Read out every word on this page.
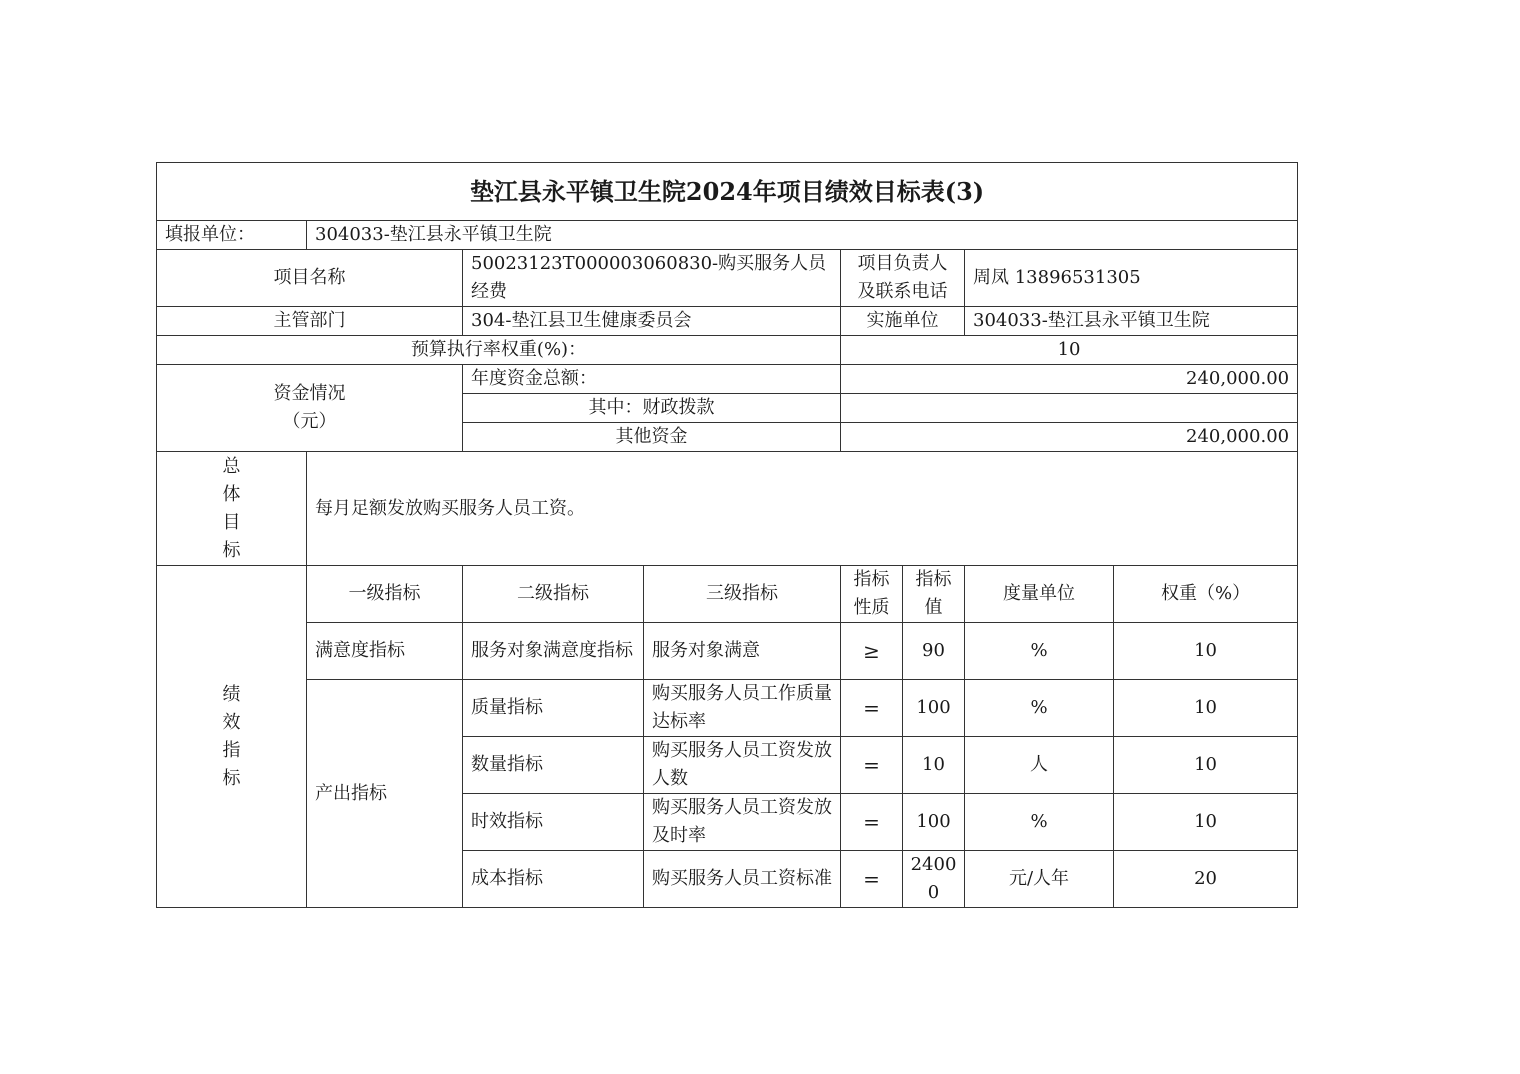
垫江县永平镇卫生院2024年项目绩效目标表(3)							
填报单位：	304033-垫江县永平镇卫生院						
项目名称		50023123T000003060830-购买服务人员经费		项目负责人及联系电话		周凤 13896531305	
主管部门		304-垫江县卫生健康委员会		实施单位		304033-垫江县永平镇卫生院	
预算执行率权重(%)：				10			

资金情况
（元）		年度资金总额：		240,000.00			
		其中：财政拨款					
		其他资金		240,000.00			

总
体
目
标	每月足额发放购买服务人员工资。						

绩
效
指
标	一级指标	二级指标	三级指标	指标性质	指标值	度量单位	权重（%）
	满意度指标	服务对象满意度指标	服务对象满意	≥	90	%	10
	产出指标	质量指标	购买服务人员工作质量达标率	=	100	%	10
		数量指标	购买服务人员工资发放人数	=	10	人	10
		时效指标	购买服务人员工资发放及时率	=	100	%	10
		成本指标	购买服务人员工资标准	=	24000	元/人年	20
